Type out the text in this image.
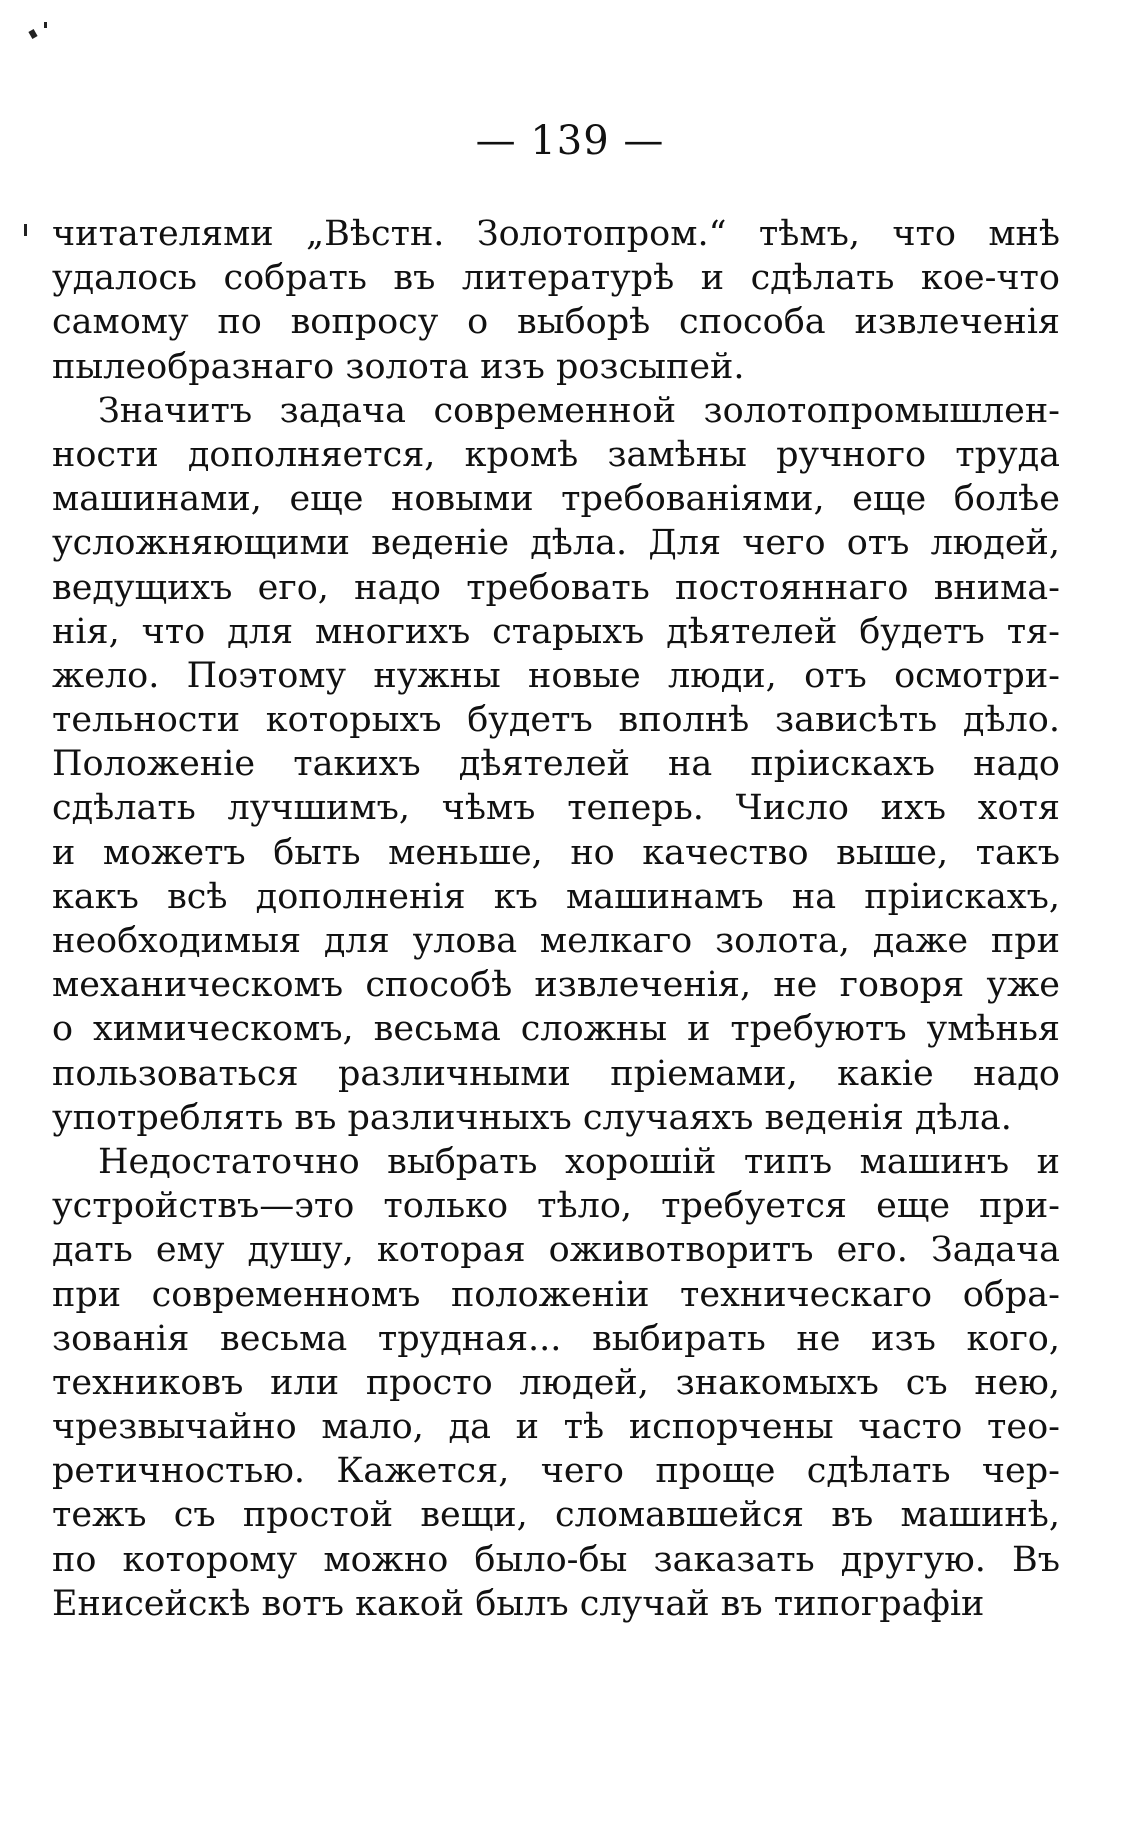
— 139 —
читателями „Вѣстн. Золотопром.“ тѣмъ, что мнѣ
удалось собрать въ литературѣ и сдѣлать кое-что
самому по вопросу о выборѣ способа извлеченія
пылеобразнаго золота изъ розсыпей.
Значитъ задача современной золотопромышлен-
ности дополняется, кромѣ замѣны ручного труда
машинами, еще новыми требованіями, еще болѣе
усложняющими веденіе дѣла. Для чего отъ людей,
ведущихъ его, надо требовать постояннаго внима-
нія, что для многихъ старыхъ дѣятелей будетъ тя-
жело. Поэтому нужны новые люди, отъ осмотри-
тельности которыхъ будетъ вполнѣ зависѣть дѣло.
Положеніе такихъ дѣятелей на пріискахъ надо
сдѣлать лучшимъ, чѣмъ теперь. Число ихъ хотя
и можетъ быть меньше, но качество выше, такъ
какъ всѣ дополненія къ машинамъ на пріискахъ,
необходимыя для улова мелкаго золота, даже при
механическомъ способѣ извлеченія, не говоря уже
о химическомъ, весьма сложны и требуютъ умѣнья
пользоваться различными пріемами, какіе надо
употреблять въ различныхъ случаяхъ веденія дѣла.
Недостаточно выбрать хорошій типъ машинъ и
устройствъ—это только тѣло, требуется еще при-
дать ему душу, которая оживотворитъ его. Задача
при современномъ положеніи техническаго обра-
зованія весьма трудная... выбирать не изъ кого,
техниковъ или просто людей, знакомыхъ съ нею,
чрезвычайно мало, да и тѣ испорчены часто тео-
ретичностью. Кажется, чего проще сдѣлать чер-
тежъ съ простой вещи, сломавшейся въ машинѣ,
по которому можно было-бы заказать другую. Въ
Енисейскѣ вотъ какой былъ случай въ типографіи
